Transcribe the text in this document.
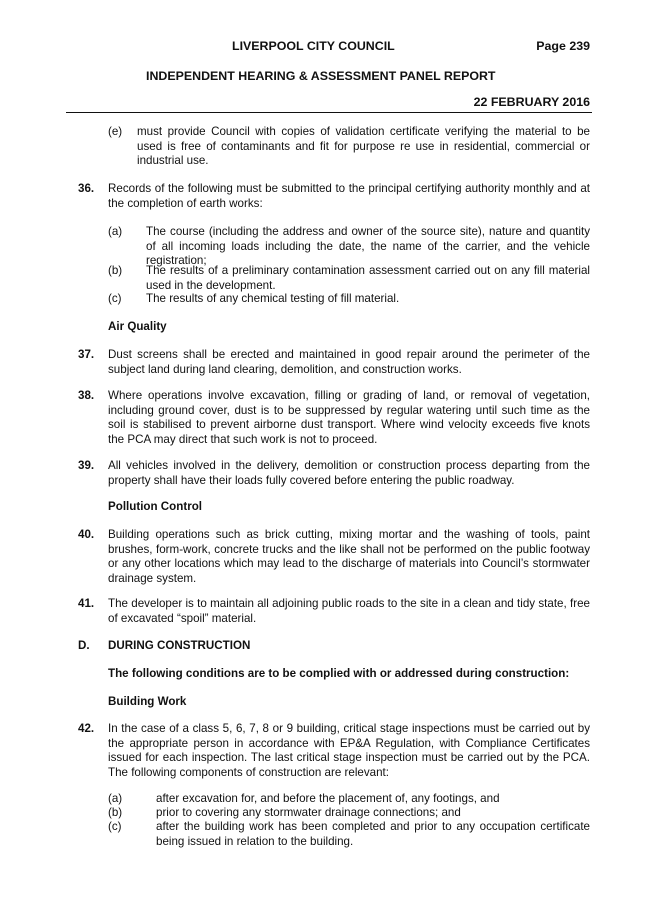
LIVERPOOL CITY COUNCIL	Page 239
INDEPENDENT HEARING & ASSESSMENT PANEL REPORT
22 FEBRUARY 2016
(e) must provide Council with copies of validation certificate verifying the material to be used is free of contaminants and fit for purpose re use in residential, commercial or industrial use.
36. Records of the following must be submitted to the principal certifying authority monthly and at the completion of earth works:
(a) The course (including the address and owner of the source site), nature and quantity of all incoming loads including the date, the name of the carrier, and the vehicle registration;
(b) The results of a preliminary contamination assessment carried out on any fill material used in the development.
(c) The results of any chemical testing of fill material.
Air Quality
37. Dust screens shall be erected and maintained in good repair around the perimeter of the subject land during land clearing, demolition, and construction works.
38. Where operations involve excavation, filling or grading of land, or removal of vegetation, including ground cover, dust is to be suppressed by regular watering until such time as the soil is stabilised to prevent airborne dust transport. Where wind velocity exceeds five knots the PCA may direct that such work is not to proceed.
39. All vehicles involved in the delivery, demolition or construction process departing from the property shall have their loads fully covered before entering the public roadway.
Pollution Control
40. Building operations such as brick cutting, mixing mortar and the washing of tools, paint brushes, form-work, concrete trucks and the like shall not be performed on the public footway or any other locations which may lead to the discharge of materials into Council’s stormwater drainage system.
41. The developer is to maintain all adjoining public roads to the site in a clean and tidy state, free of excavated “spoil” material.
D. DURING CONSTRUCTION
The following conditions are to be complied with or addressed during construction:
Building Work
42. In the case of a class 5, 6, 7, 8 or 9 building, critical stage inspections must be carried out by the appropriate person in accordance with EP&A Regulation, with Compliance Certificates issued for each inspection. The last critical stage inspection must be carried out by the PCA. The following components of construction are relevant:
(a)	after excavation for, and before the placement of, any footings, and
(b)	prior to covering any stormwater drainage connections; and
(c)	after the building work has been completed and prior to any occupation certificate being issued in relation to the building.
